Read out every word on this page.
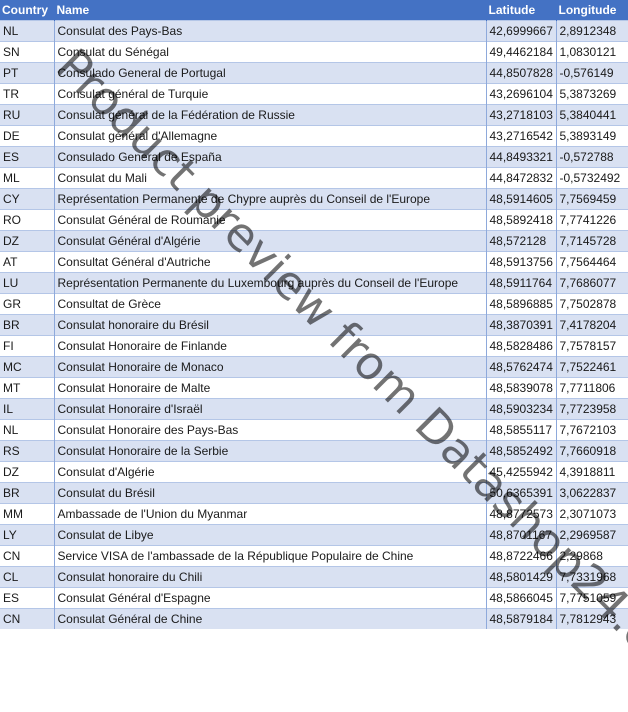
Country	Name	Latitude	Longitude
NL	Consulat des Pays-Bas	42,6999667	2,8912348
SN	Consulat du Sénégal	49,4462184	1,0830121
PT	Consulado General de Portugal	44,8507828	-0,576149
TR	Consulat général de Turquie	43,2696104	5,3873269
RU	Consulat général de la Fédération de Russie	43,2718103	5,3840441
DE	Consulat général d'Allemagne	43,2716542	5,3893149
ES	Consulado General de España	44,8493321	-0,572788
ML	Consulat du Mali	44,8472832	-0,5732492
CY	Représentation Permanente de Chypre auprès du Conseil de l'Europe	48,5914605	7,7569459
RO	Consulat Général de Roumanie	48,5892418	7,7741226
DZ	Consulat Général d'Algérie	48,572128	7,7145728
AT	Consultat Général d'Autriche	48,5913756	7,7564464
LU	Représentation Permanente du Luxembourg auprès du Conseil de l'Europe	48,5911764	7,7686077
GR	Consultat de Grèce	48,5896885	7,7502878
BR	Consulat honoraire du Brésil	48,3870391	7,4178204
FI	Consulat Honoraire de Finlande	48,5828486	7,7578157
MC	Consulat Honoraire de Monaco	48,5762474	7,7522461
MT	Consulat Honoraire de Malte	48,5839078	7,7711806
IL	Consulat Honoraire d'Israël	48,5903234	7,7723958
NL	Consulat Honoraire des Pays-Bas	48,5855117	7,7672103
RS	Consulat Honoraire de la Serbie	48,5852492	7,7660918
DZ	Consulat d'Algérie	45,4255942	4,3918811
BR	Consulat du Brésil	50,6365391	3,0622837
MM	Ambassade de l'Union du Myanmar	48,8772573	2,3071073
LY	Consulat de Libye	48,8701167	2,2969587
CN	Service VISA de l'ambassade de la République Populaire de Chine	48,8722466	2,29868
CL	Consulat honoraire du Chili	48,5801429	7,7331968
ES	Consulat Général d'Espagne	48,5866045	7,7751059
CN	Consulat Général de Chine	48,5879184	7,7812943
Product preview from
